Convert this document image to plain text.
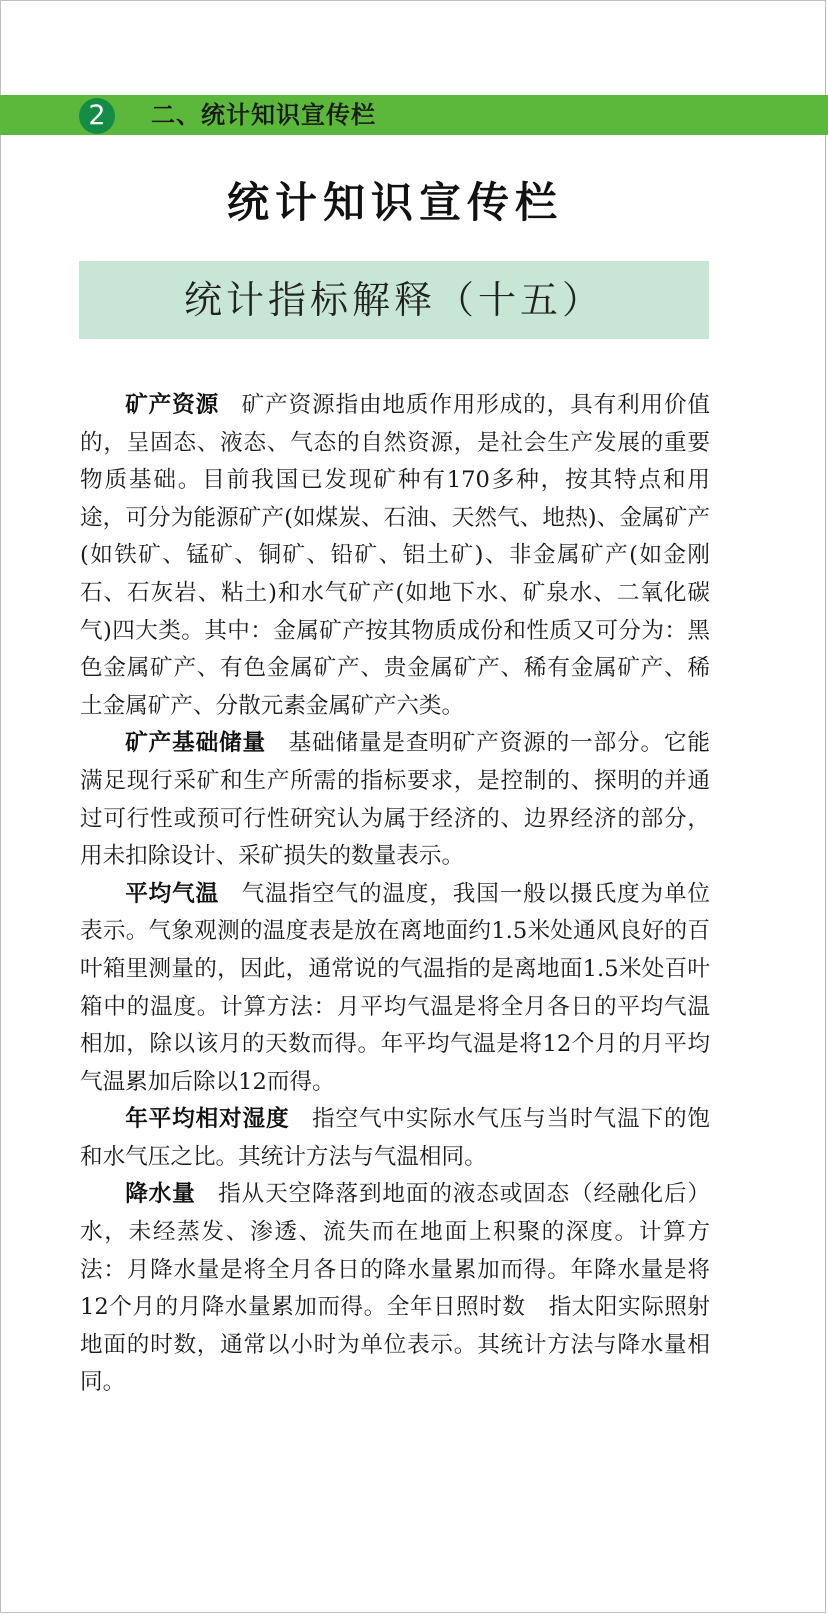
2	二、统计知识宣传栏
统计知识宣传栏
统计指标解释（十五）

矿产资源 矿产资源指由地质作用形成的，具有利用价值的，呈固态、液态、气态的自然资源，是社会生产发展的重要物质基础。目前我国已发现矿种有170多种，按其特点和用途，可分为能源矿产(如煤炭、石油、天然气、地热)、金属矿产(如铁矿、锰矿、铜矿、铅矿、铝土矿)、非金属矿产(如金刚石、石灰岩、粘土)和水气矿产(如地下水、矿泉水、二氧化碳气)四大类。其中：金属矿产按其物质成份和性质又可分为：黑色金属矿产、有色金属矿产、贵金属矿产、稀有金属矿产、稀土金属矿产、分散元素金属矿产六类。

矿产基础储量 基础储量是查明矿产资源的一部分。它能满足现行采矿和生产所需的指标要求，是控制的、探明的并通过可行性或预可行性研究认为属于经济的、边界经济的部分，用未扣除设计、采矿损失的数量表示。

平均气温 气温指空气的温度，我国一般以摄氏度为单位表示。气象观测的温度表是放在离地面约1.5米处通风良好的百叶箱里测量的，因此，通常说的气温指的是离地面1.5米处百叶箱中的温度。计算方法：月平均气温是将全月各日的平均气温相加，除以该月的天数而得。年平均气温是将12个月的月平均气温累加后除以12而得。

年平均相对湿度 指空气中实际水气压与当时气温下的饱和水气压之比。其统计方法与气温相同。

降水量 指从天空降落到地面的液态或固态（经融化后）水，未经蒸发、渗透、流失而在地面上积聚的深度。计算方法：月降水量是将全月各日的降水量累加而得。年降水量是将12个月的月降水量累加而得。全年日照时数　指太阳实际照射地面的时数，通常以小时为单位表示。其统计方法与降水量相同。
